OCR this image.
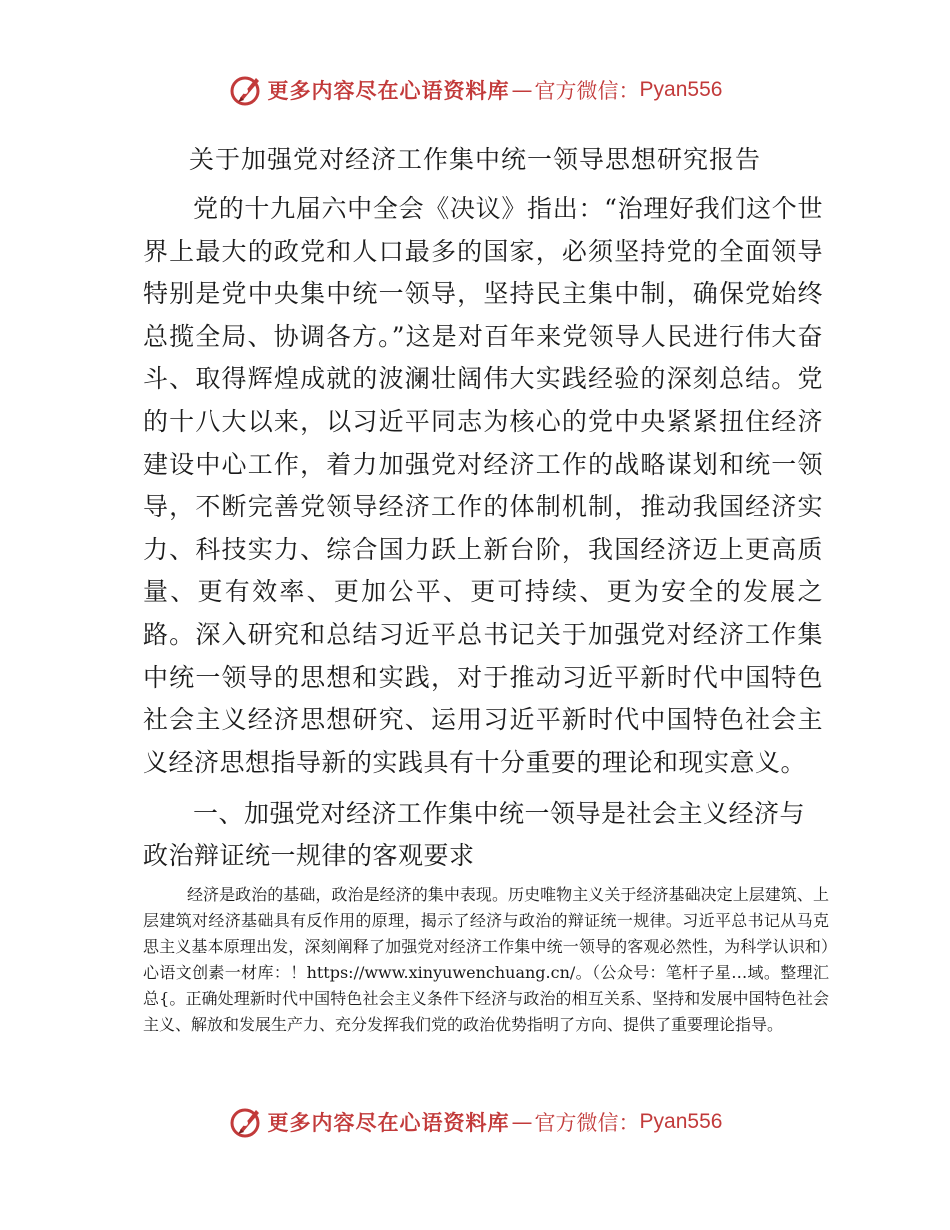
更多内容尽在心语资料库 — 官方微信： Pyan556
关于加强党对经济工作集中统一领导思想研究报告

党的十九届六中全会《决议》指出：“治理好我们这个世界上最大的政党和人口最多的国家，必须坚持党的全面领导特别是党中央集中统一领导，坚持民主集中制，确保党始终总揽全局、协调各方。”这是对百年来党领导人民进行伟大奋斗、取得辉煌成就的波澜壮阔伟大实践经验的深刻总结。党的十八大以来，以习近平同志为核心的党中央紧紧扭住经济建设中心工作，着力加强党对经济工作的战略谋划和统一领导，不断完善党领导经济工作的体制机制，推动我国经济实力、科技实力、综合国力跃上新台阶，我国经济迈上更高质量、更有效率、更加公平、更可持续、更为安全的发展之路。深入研究和总结习近平总书记关于加强党对经济工作集中统一领导的思想和实践，对于推动习近平新时代中国特色社会主义经济思想研究、运用习近平新时代中国特色社会主义经济思想指导新的实践具有十分重要的理论和现实意义。

一、加强党对经济工作集中统一领导是社会主义经济与政治辩证统一规律的客观要求

经济是政治的基础，政治是经济的集中表现。历史唯物主义关于经济基础决定上层建筑、上层建筑对经济基础具有反作用的原理，揭示了经济与政治的辩证统一规律。习近平总书记从马克思主义基本原理出发，深刻阐释了加强党对经济工作集中统一领导的客观必然性，为科学认识和）心语文创素一材库：！https://www.xinyuwenchuang.cn/。（公众号：笔杆子星…域。整理汇总{。正确处理新时代中国特色社会主义条件下经济与政治的相互关系、坚持和发展中国特色社会主义、解放和发展生产力、充分发挥我们党的政治优势指明了方向、提供了重要理论指导。

更多内容尽在心语资料库 — 官方微信： Pyan556
